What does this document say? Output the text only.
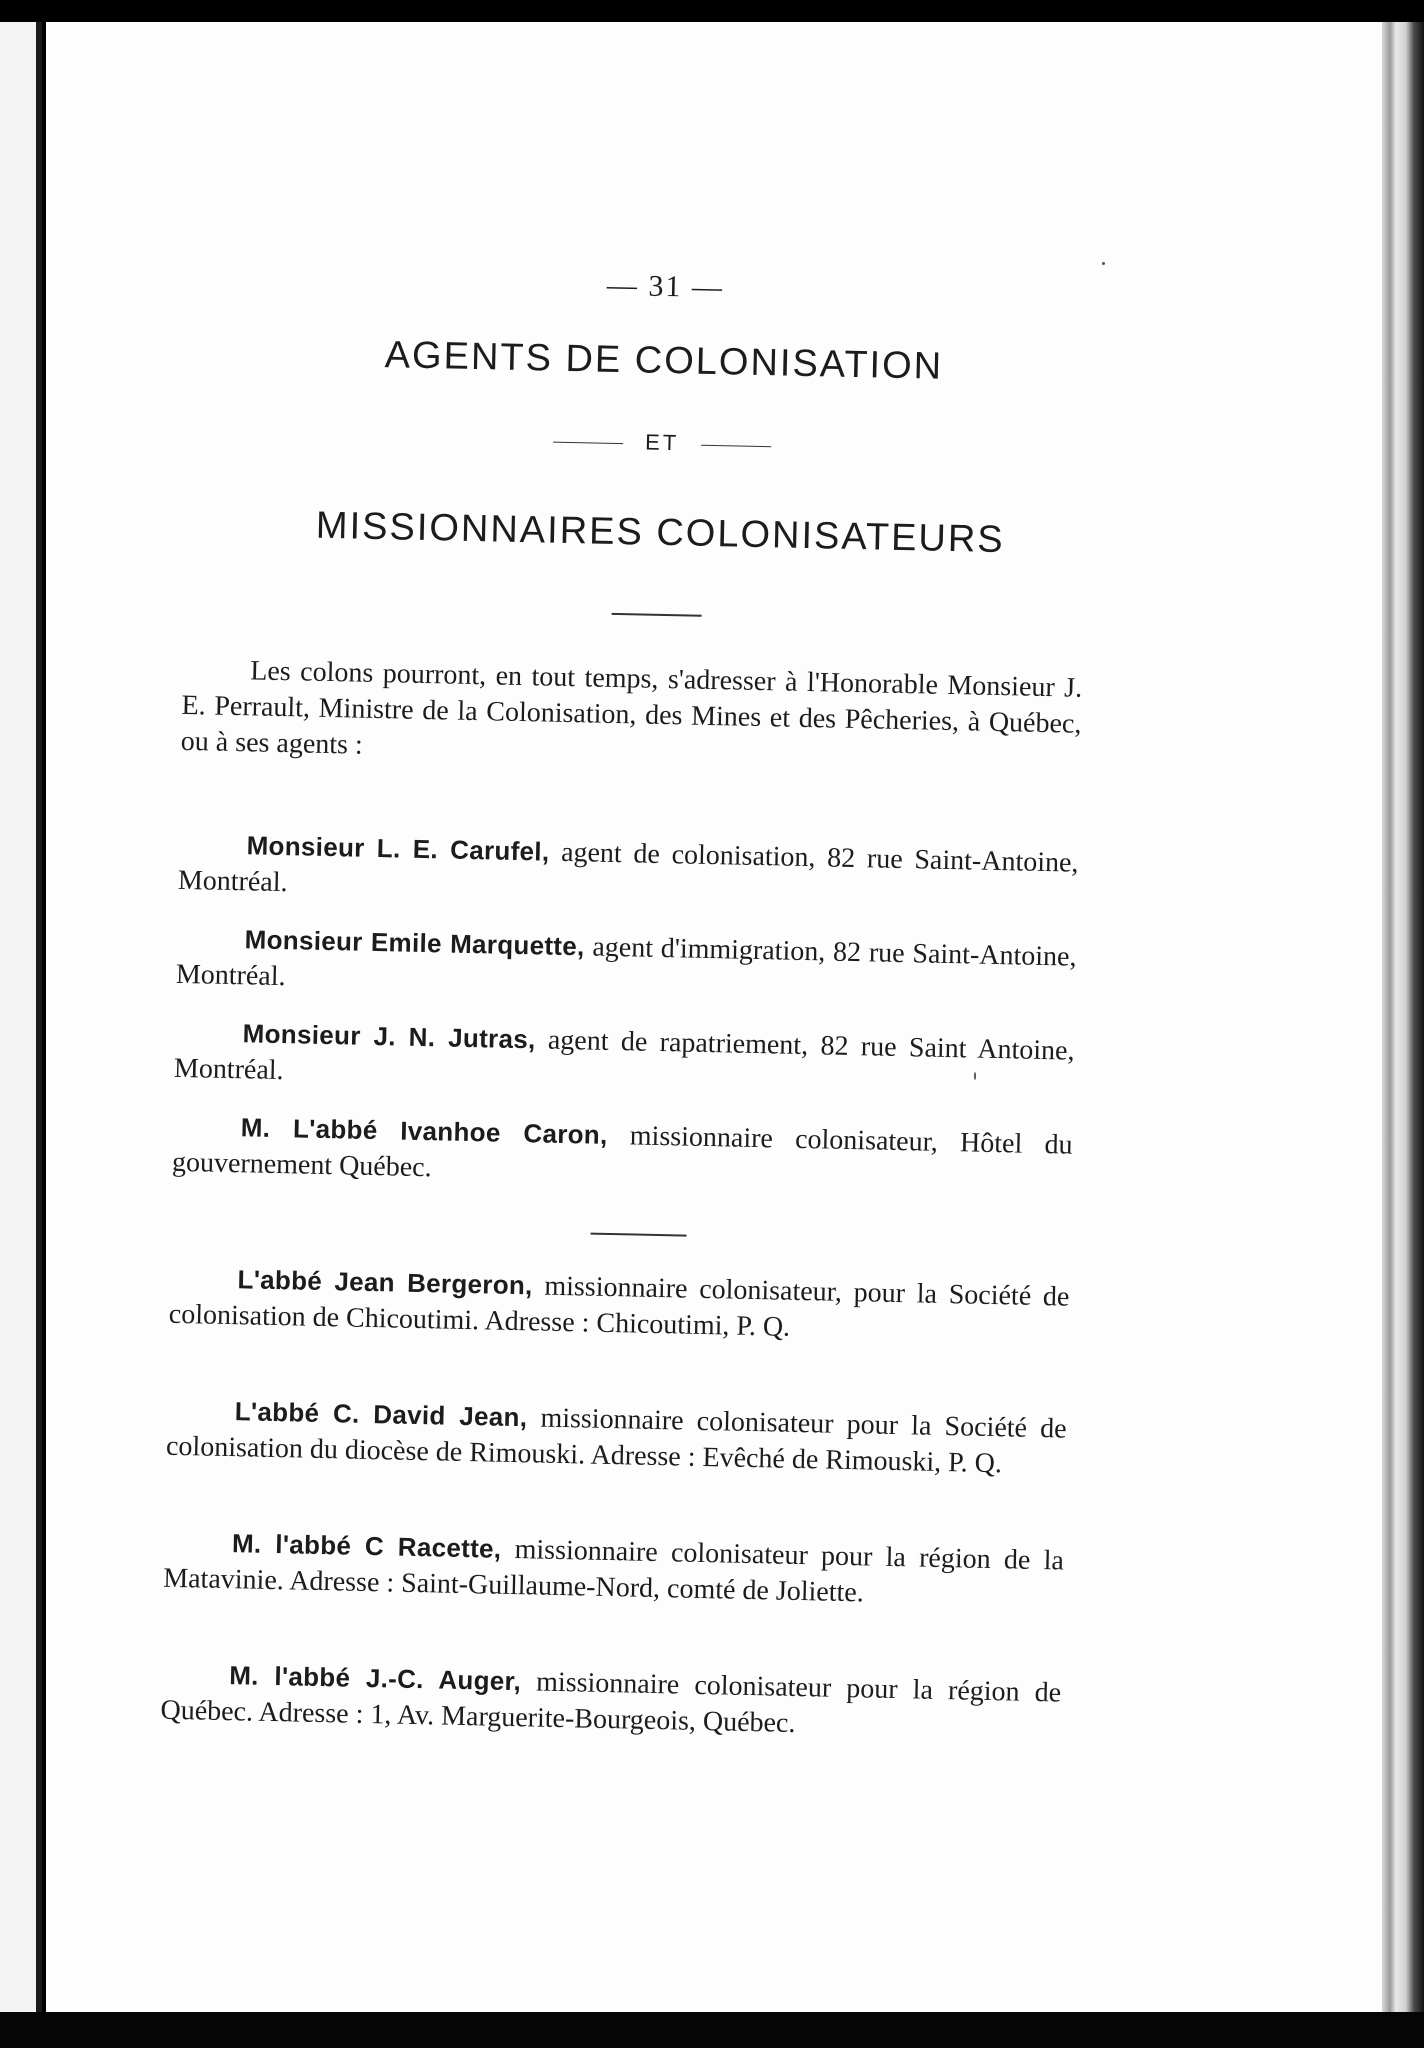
— 31 —
AGENTS DE COLONISATION
ET
MISSIONNAIRES COLONISATEURS

Les colons pourront, en tout temps, s'adresser à l'Honorable Monsieur J. E. Perrault, Ministre de la Colonisation, des Mines et des Pêcheries, à Québec, ou à ses agents :

Monsieur L. E. Carufel, agent de colonisation, 82 rue Saint-Antoine, Montréal.

Monsieur Emile Marquette, agent d'immigration, 82 rue Saint-Antoine, Montréal.

Monsieur J. N. Jutras, agent de rapatriement, 82 rue Saint Antoine, Montréal.

M. L'abbé Ivanhoe Caron, missionnaire colonisateur, Hôtel du gouvernement Québec.

L'abbé Jean Bergeron, missionnaire colonisateur, pour la Société de colonisation de Chicoutimi. Adresse : Chicoutimi, P. Q.

L'abbé C. David Jean, missionnaire colonisateur pour la Société de colonisation du diocèse de Rimouski. Adresse : Evêché de Rimouski, P. Q.

M. l'abbé C Racette, missionnaire colonisateur pour la région de la Matavinie. Adresse : Saint-Guillaume-Nord, comté de Joliette.

M. l'abbé J.-C. Auger, missionnaire colonisateur pour la région de Québec. Adresse : 1, Av. Marguerite-Bourgeois, Québec.
